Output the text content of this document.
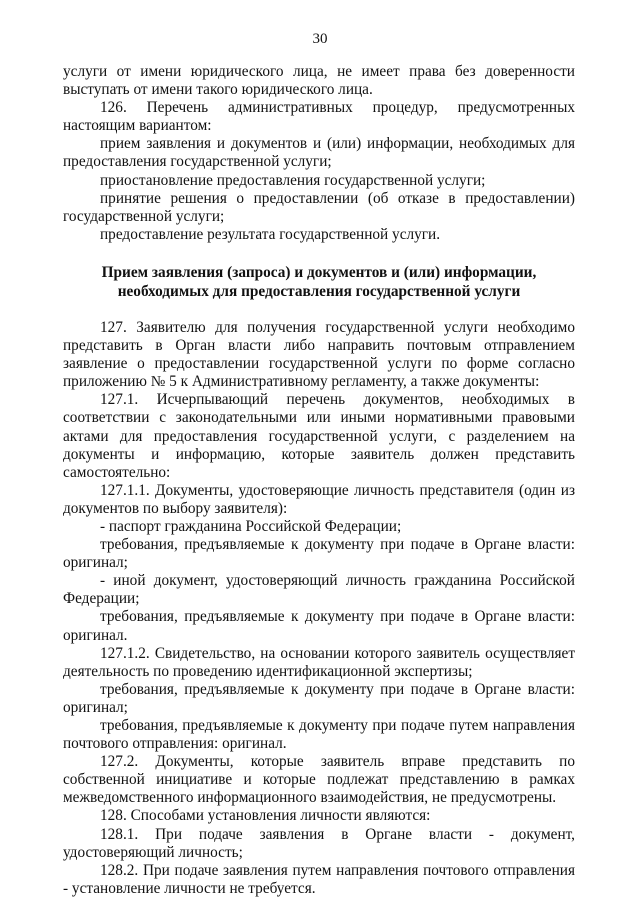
30

услуги от имени юридического лица, не имеет права без доверенности выступать от имени такого юридического лица.

126. Перечень административных процедур, предусмотренных настоящим вариантом:

прием заявления и документов и (или) информации, необходимых для предоставления государственной услуги;

приостановление предоставления государственной услуги;

принятие решения о предоставлении (об отказе в предоставлении) государственной услуги;

предоставление результата государственной услуги.

Прием заявления (запроса) и документов и (или) информации,
необходимых для предоставления государственной услуги

127. Заявителю для получения государственной услуги необходимо представить в Орган власти либо направить почтовым отправлением заявление о предоставлении государственной услуги по форме согласно приложению № 5 к Административному регламенту, а также документы:

127.1. Исчерпывающий перечень документов, необходимых в соответствии с законодательными или иными нормативными правовыми актами для предоставления государственной услуги, с разделением на документы и информацию, которые заявитель должен представить самостоятельно:

127.1.1. Документы, удостоверяющие личность представителя (один из документов по выбору заявителя):

- паспорт гражданина Российской Федерации;

требования, предъявляемые к документу при подаче в Органе власти: оригинал;

- иной документ, удостоверяющий личность гражданина Российской Федерации;

требования, предъявляемые к документу при подаче в Органе власти: оригинал.

127.1.2. Свидетельство, на основании которого заявитель осуществляет деятельность по проведению идентификационной экспертизы;

требования, предъявляемые к документу при подаче в Органе власти: оригинал;

требования, предъявляемые к документу при подаче путем направления почтового отправления: оригинал.

127.2. Документы, которые заявитель вправе представить по собственной инициативе и которые подлежат представлению в рамках межведомственного информационного взаимодействия, не предусмотрены.

128. Способами установления личности являются:

128.1. При подаче заявления в Органе власти - документ, удостоверяющий личность;

128.2. При подаче заявления путем направления почтового отправления - установление личности не требуется.
